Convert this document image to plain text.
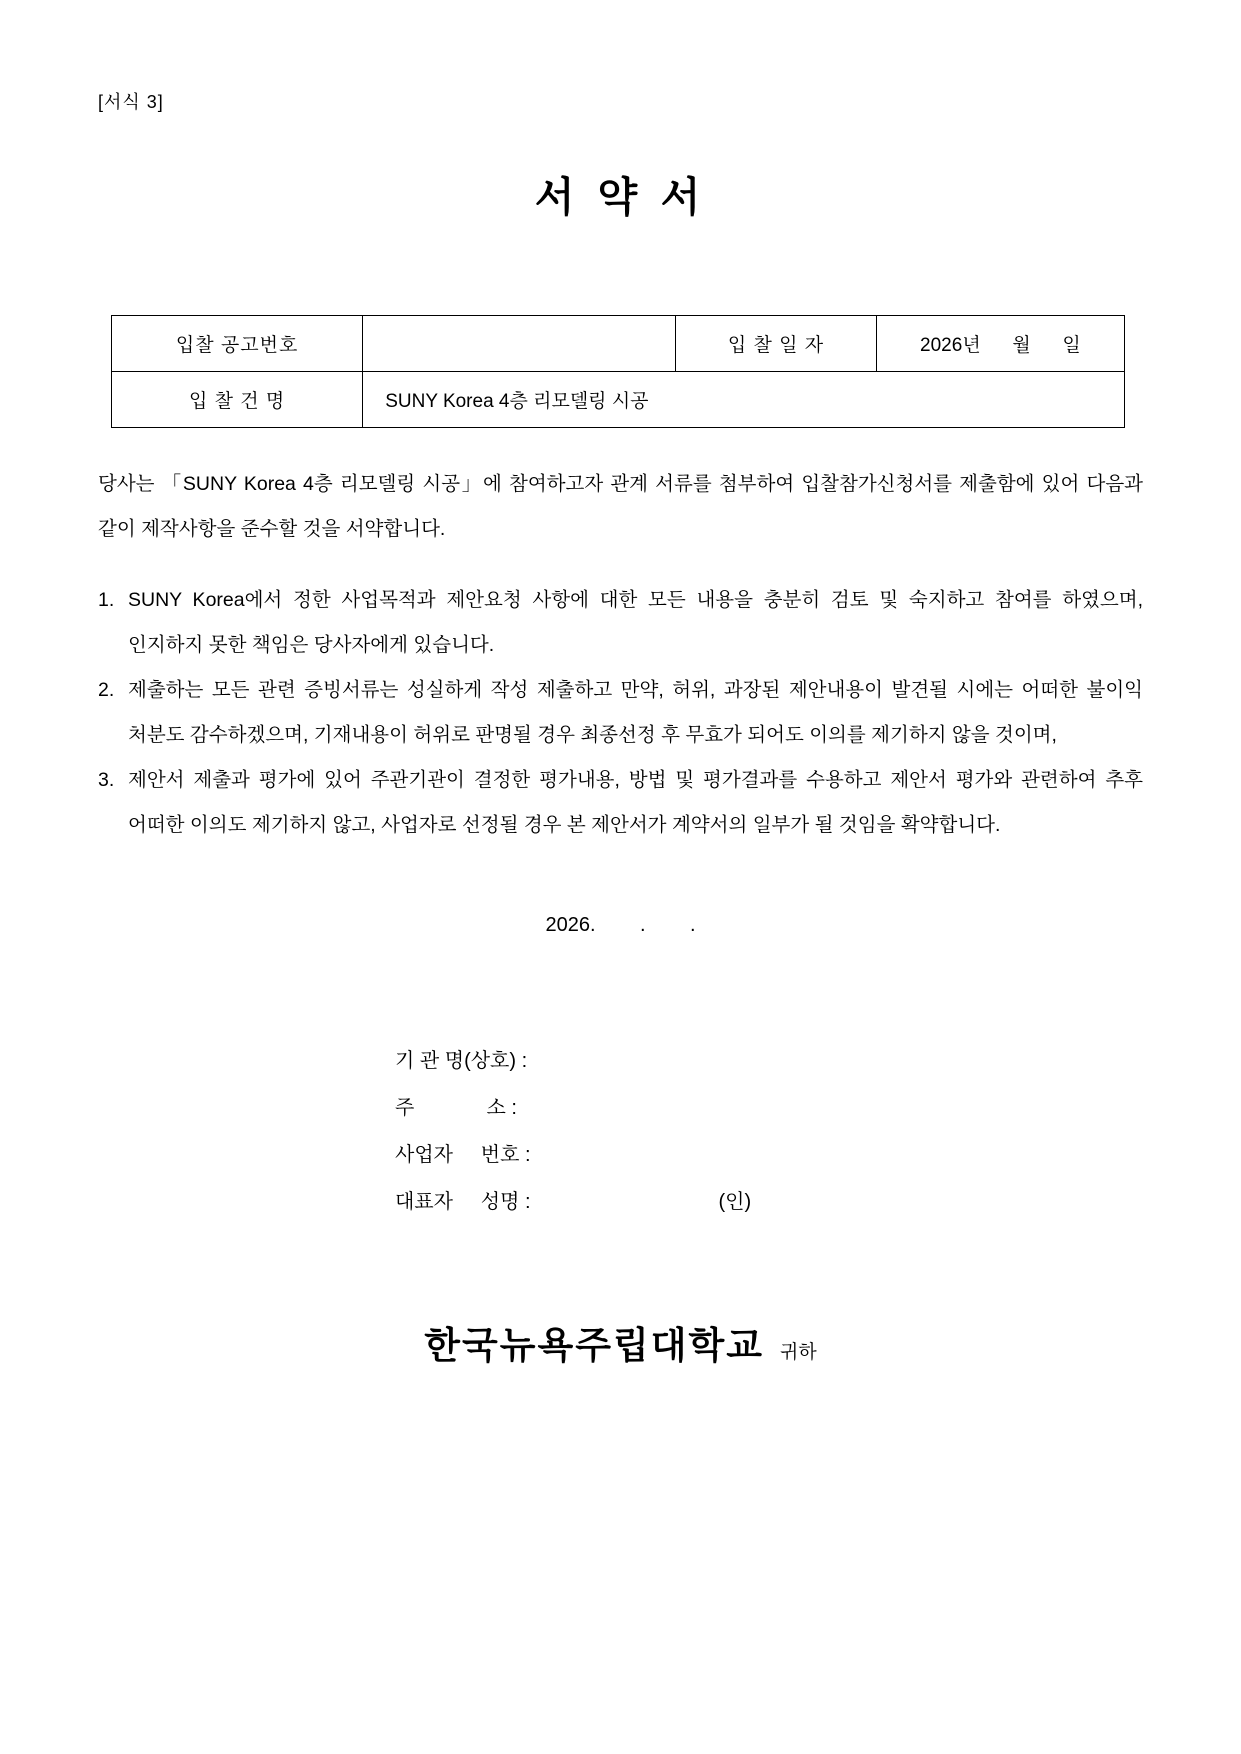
[서식 3]
서 약 서
입찰 공고번호		입 찰 일 자	2026년      월      일
입 찰 건 명	SUNY Korea 4층 리모델링 시공		

당사는 「SUNY Korea 4층 리모델링 시공」에 참여하고자 관계 서류를 첨부하여 입찰참가신청서를 제출함에 있어 다음과 같이 제작사항을 준수할 것을 서약합니다.

1. SUNY Korea에서 정한 사업목적과 제안요청 사항에 대한 모든 내용을 충분히 검토 및 숙지하고 참여를 하였으며, 인지하지 못한 책임은 당사자에게 있습니다.
2. 제출하는 모든 관련 증빙서류는 성실하게 작성 제출하고 만약, 허위, 과장된 제안내용이 발견될 시에는 어떠한 불이익 처분도 감수하겠으며, 기재내용이 허위로 판명될 경우 최종선정 후 무효가 되어도 이의를 제기하지 않을 것이며,
3. 제안서 제출과 평가에 있어 주관기관이 결정한 평가내용, 방법 및 평가결과를 수용하고 제안서 평가와 관련하여 추후 어떠한 이의도 제기하지 않고, 사업자로 선정될 경우 본 제안서가 계약서의 일부가 될 것임을 확약합니다.
2026.        .        .
기 관 명(상호) :
주             소 :
사업자     번호 :
대표자     성명 :	(인)
한국뉴욕주립대학교 귀하
